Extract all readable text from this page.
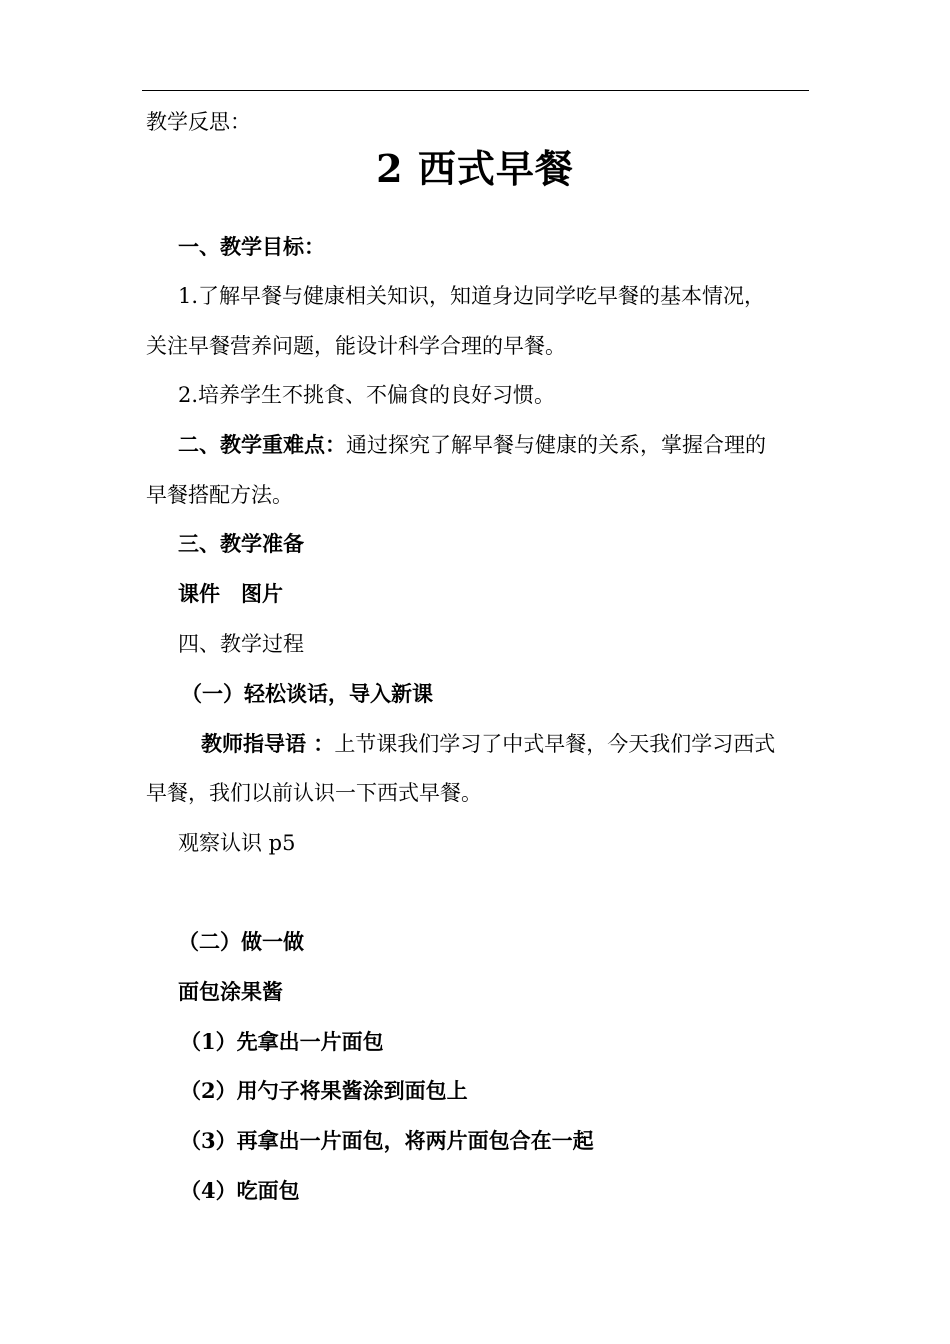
教学反思：
2 西式早餐
一、教学目标：
1.了解早餐与健康相关知识，知道身边同学吃早餐的基本情况，
关注早餐营养问题，能设计科学合理的早餐。
2.培养学生不挑食、不偏食的良好习惯。
二、教学重难点：通过探究了解早餐与健康的关系，掌握合理的
早餐搭配方法。
三、教学准备
课件　图片
四、教学过程
（一）轻松谈话，导入新课
教师指导语 ：上节课我们学习了中式早餐，今天我们学习西式
早餐，我们以前认识一下西式早餐。
观察认识 p5
（二）做一做
面包涂果酱
（1）先拿出一片面包
（2）用勺子将果酱涂到面包上
（3）再拿出一片面包，将两片面包合在一起
（4）吃面包
